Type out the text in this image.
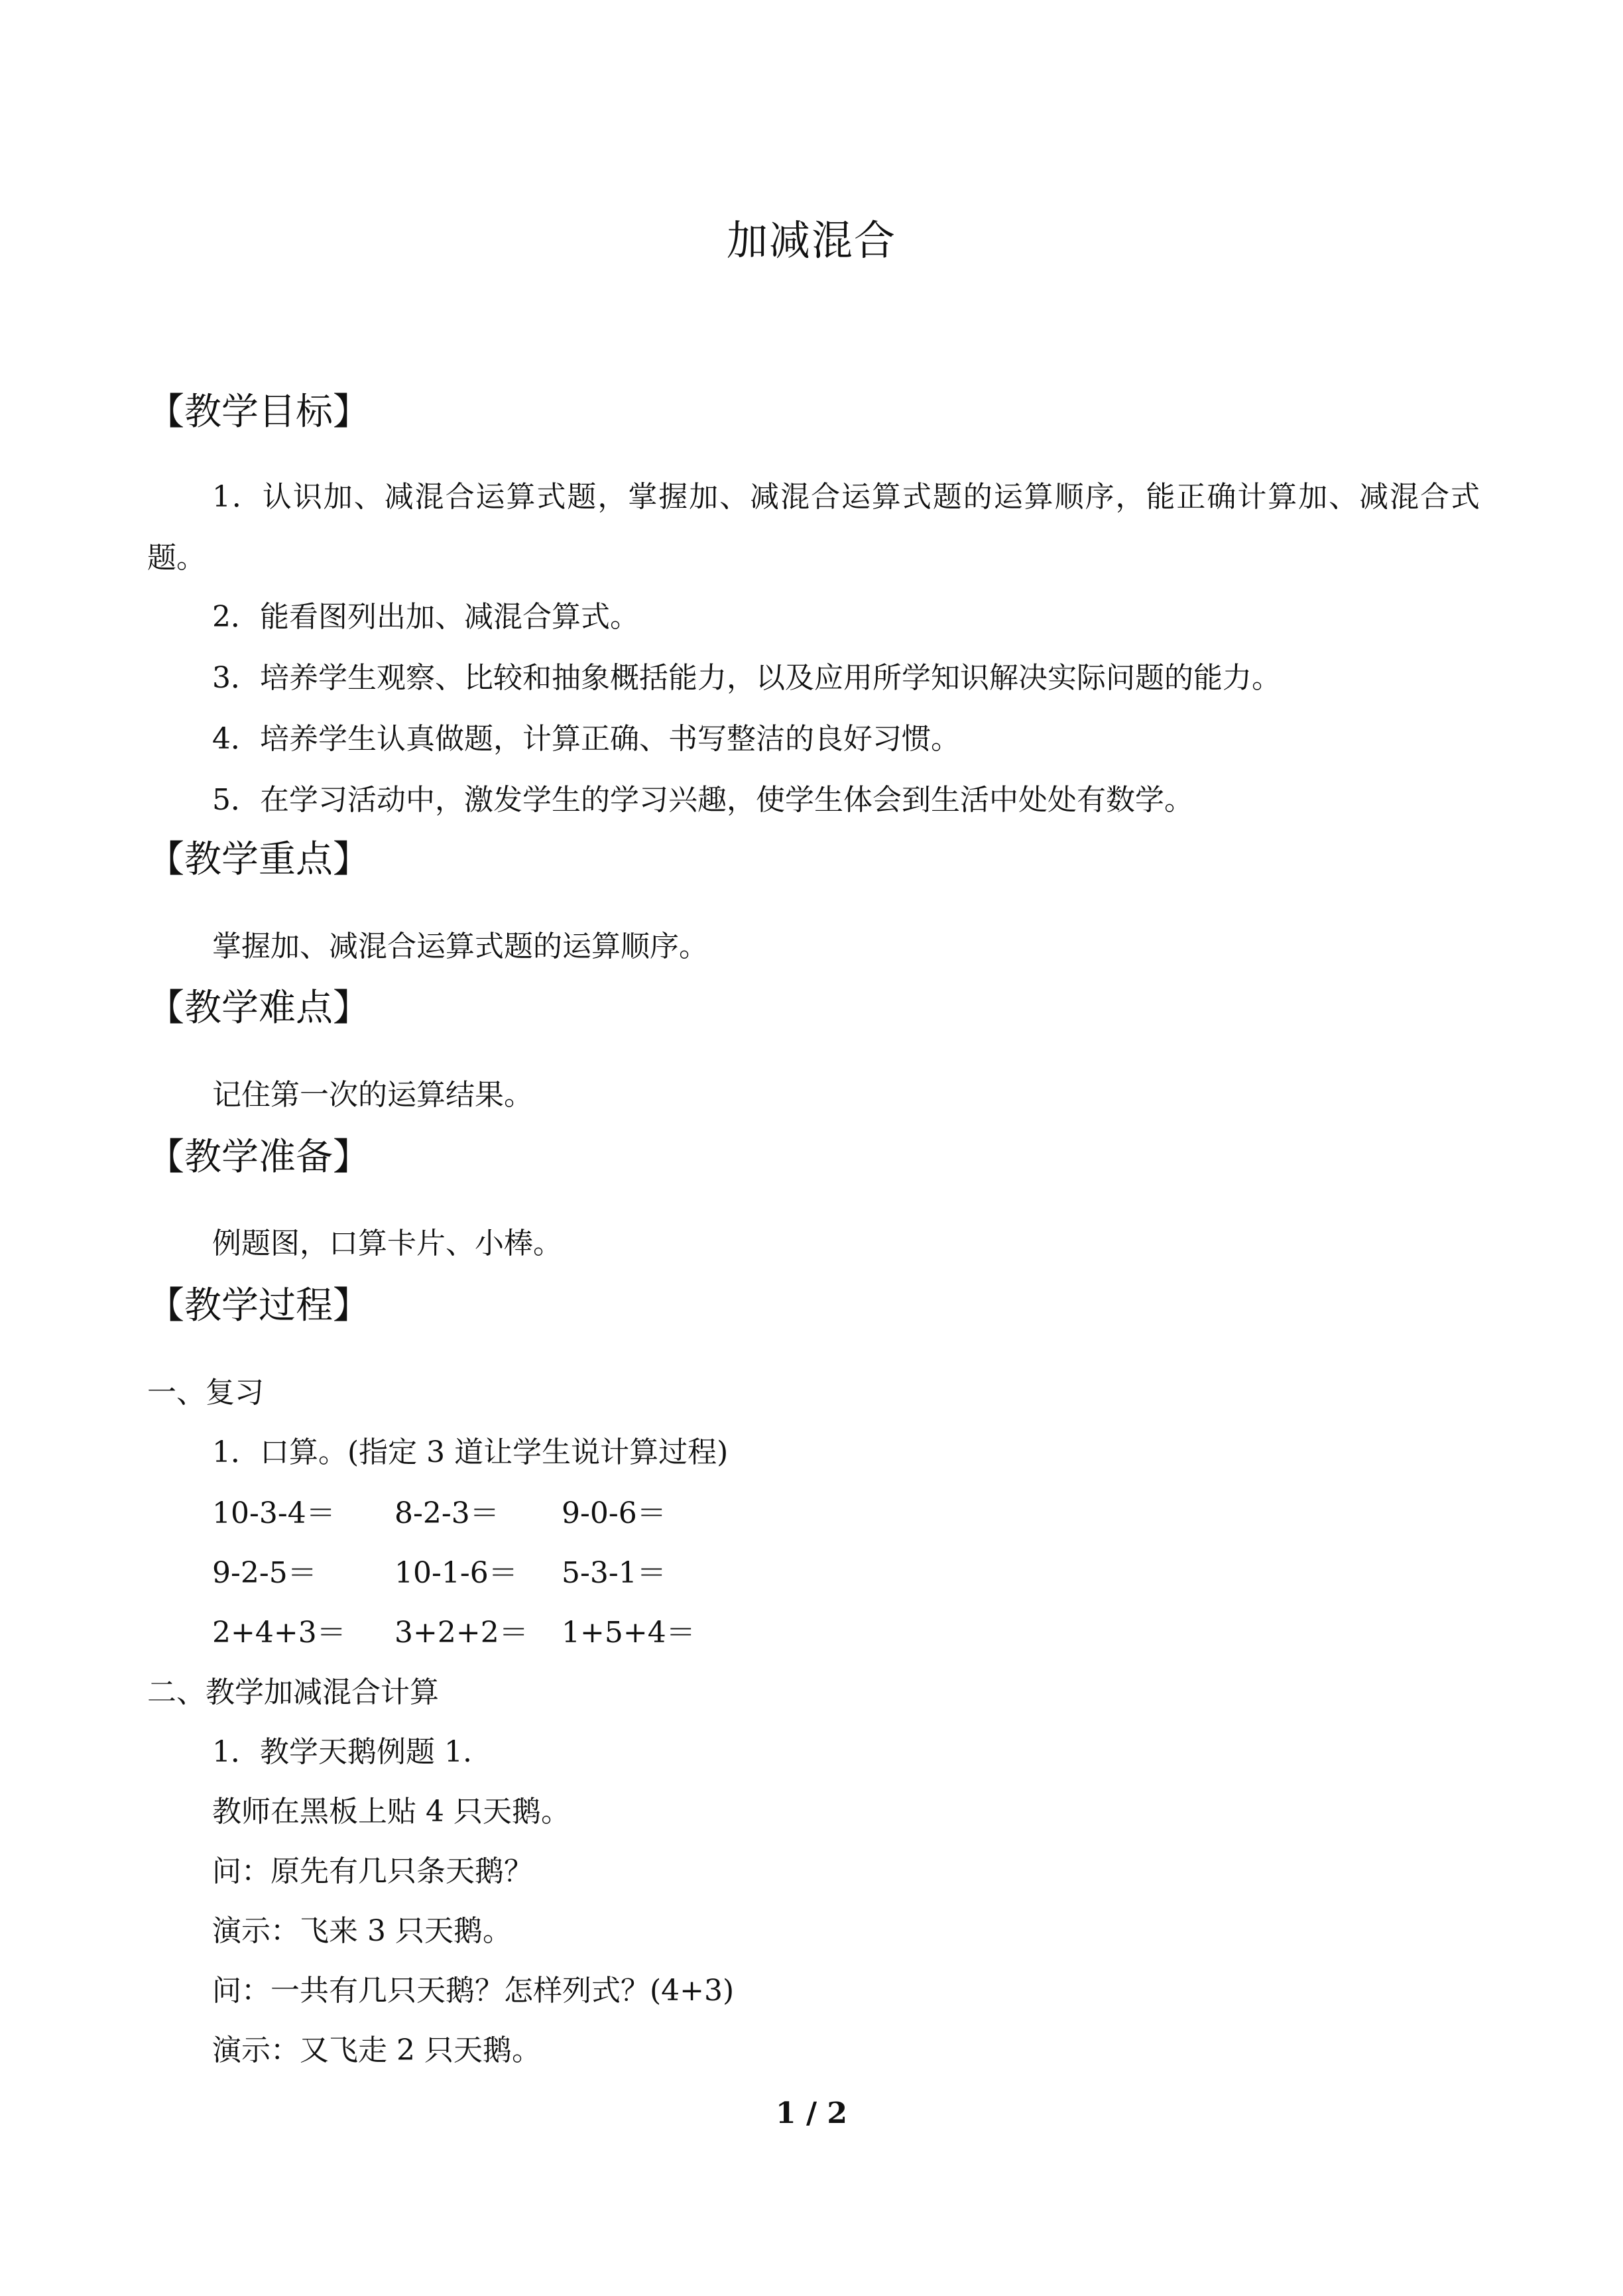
加减混合
【教学目标】
1．认识加、减混合运算式题，掌握加、减混合运算式题的运算顺序，能正确计算加、减混合式题。
2．能看图列出加、减混合算式。
3．培养学生观察、比较和抽象概括能力，以及应用所学知识解决实际问题的能力。
4．培养学生认真做题，计算正确、书写整洁的良好习惯。
5．在学习活动中，激发学生的学习兴趣，使学生体会到生活中处处有数学。
【教学重点】
掌握加、减混合运算式题的运算顺序。
【教学难点】
记住第一次的运算结果。
【教学准备】
例题图，口算卡片、小棒。
【教学过程】
一、复习
1．口算。(指定 3 道让学生说计算过程)
10-3-4＝ 8-2-3＝ 9-0-6＝
9-2-5＝	10-1-6＝ 5-3-1＝
2+4+3＝ 3+2+2＝ 1+5+4＝
二、教学加减混合计算
1．教学天鹅例题 1.
教师在黑板上贴 4 只天鹅。
问：原先有几只条天鹅？
演示：飞来 3 只天鹅。
问：一共有几只天鹅？怎样列式？(4+3)
演示：又飞走 2 只天鹅。
1 / 2
